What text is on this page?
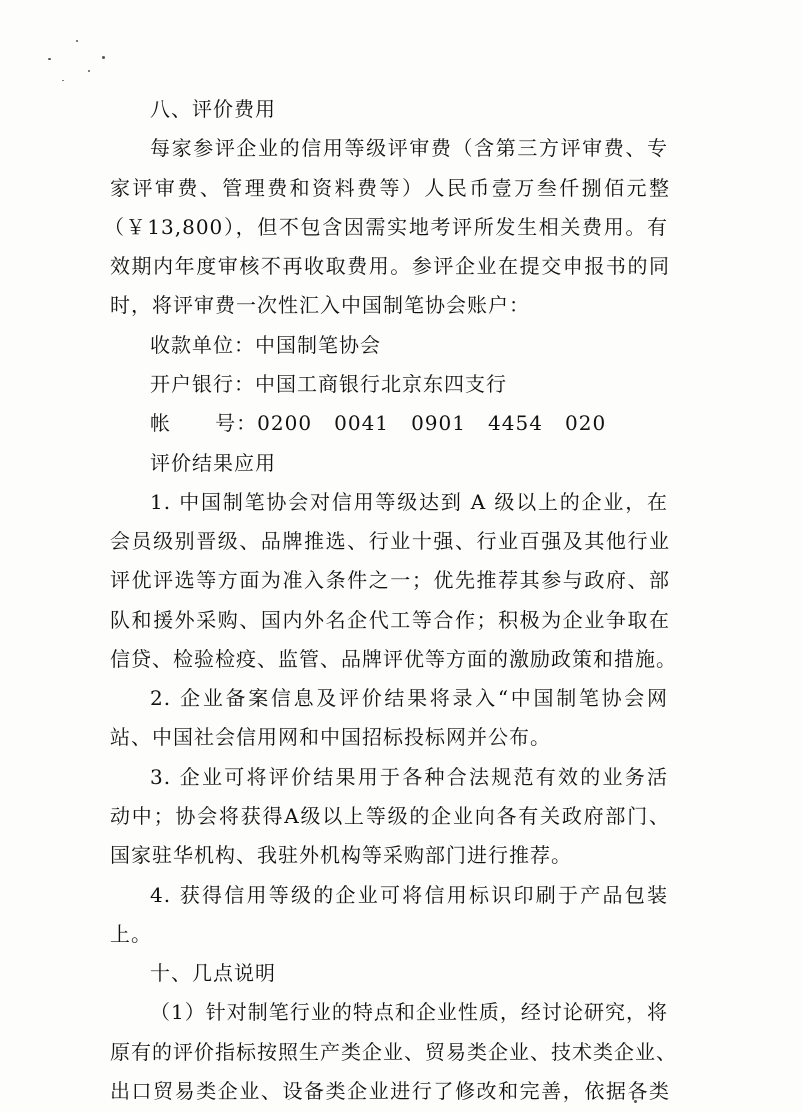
八、评价费用
每家参评企业的信用等级评审费（含第三方评审费、专
家评审费、管理费和资料费等）人民币壹万叁仟捌佰元整
（￥13,800），但不包含因需实地考评所发生相关费用。有
效期内年度审核不再收取费用。参评企业在提交申报书的同
时，将评审费一次性汇入中国制笔协会账户：
收款单位：中国制笔协会
开户银行：中国工商银行北京东四支行
帐      号：0200   0041   0901   4454   020
评价结果应用
1. 中国制笔协会对信用等级达到 A 级以上的企业，在
会员级别晋级、品牌推选、行业十强、行业百强及其他行业
评优评选等方面为准入条件之一；优先推荐其参与政府、部
队和援外采购、国内外名企代工等合作；积极为企业争取在
信贷、检验检疫、监管、品牌评优等方面的激励政策和措施。
2. 企业备案信息及评价结果将录入“中国制笔协会网
站、中国社会信用网和中国招标投标网并公布。
3. 企业可将评价结果用于各种合法规范有效的业务活
动中；协会将获得A级以上等级的企业向各有关政府部门、
国家驻华机构、我驻外机构等采购部门进行推荐。
4. 获得信用等级的企业可将信用标识印刷于产品包装
上。
十、几点说明
（1）针对制笔行业的特点和企业性质，经讨论研究，将
原有的评价指标按照生产类企业、贸易类企业、技术类企业、
出口贸易类企业、设备类企业进行了修改和完善，依据各类
